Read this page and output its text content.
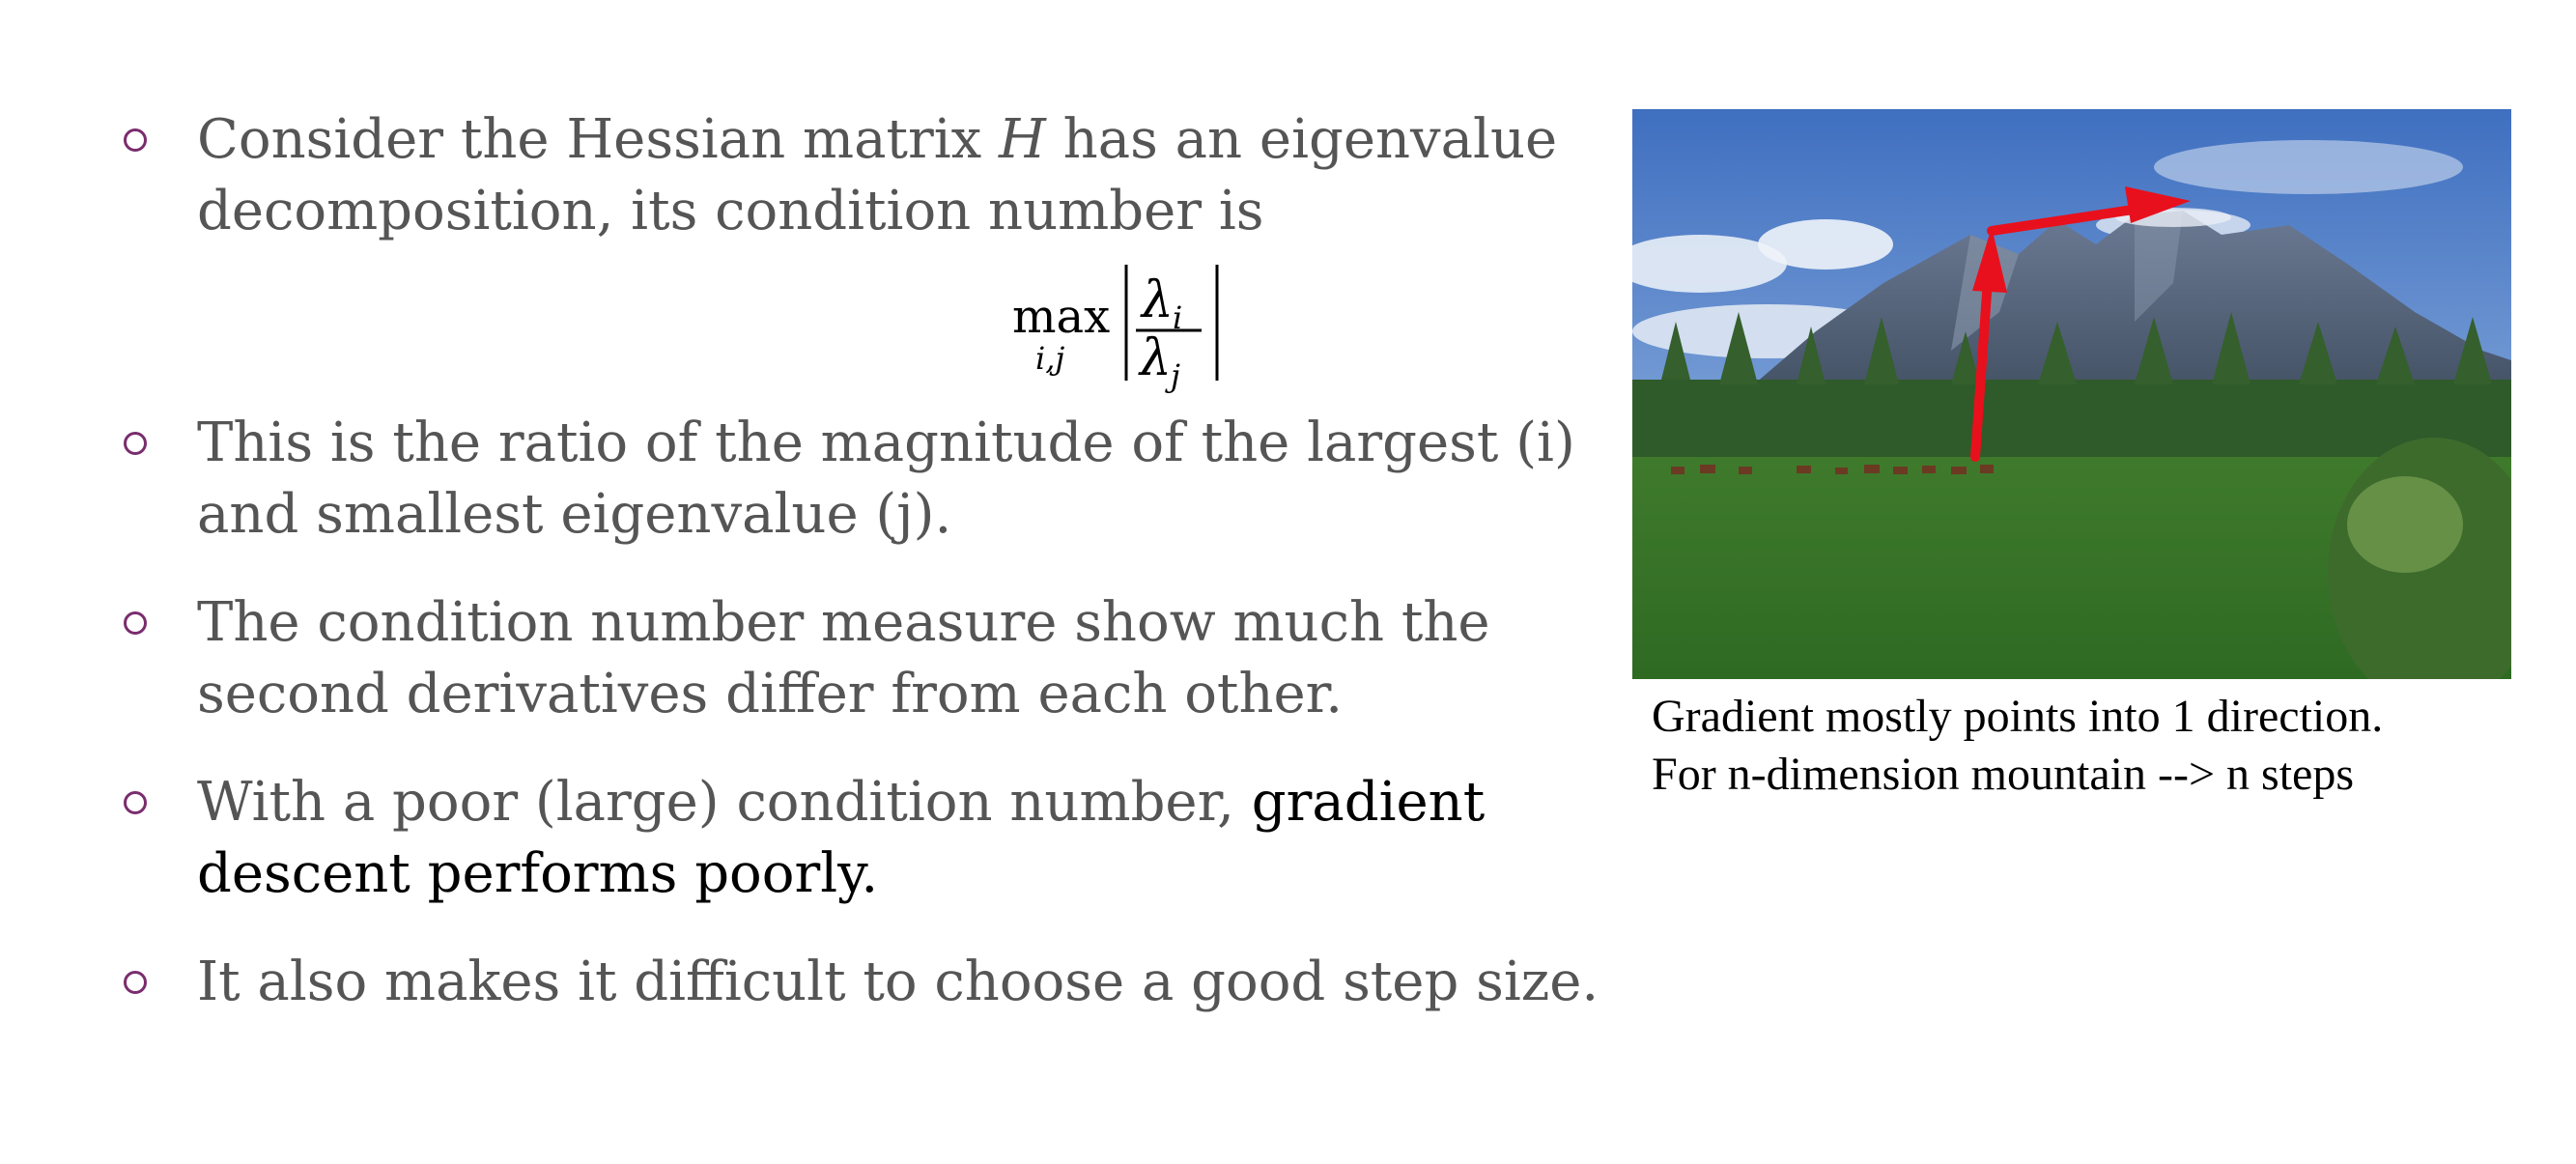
Consider the Hessian matrix H has an eigenvalue
decomposition, its condition number is
max
i,j
λ i
λ j
This is the ratio of the magnitude of the largest (i)
and smallest eigenvalue (j).
The condition number measure show much the
second derivatives differ from each other.
With a poor (large) condition number, gradient
descent performs poorly.
It also makes it difficult to choose a good step size.
Gradient mostly points into 1 direction.
For n-dimension mountain --> n steps
